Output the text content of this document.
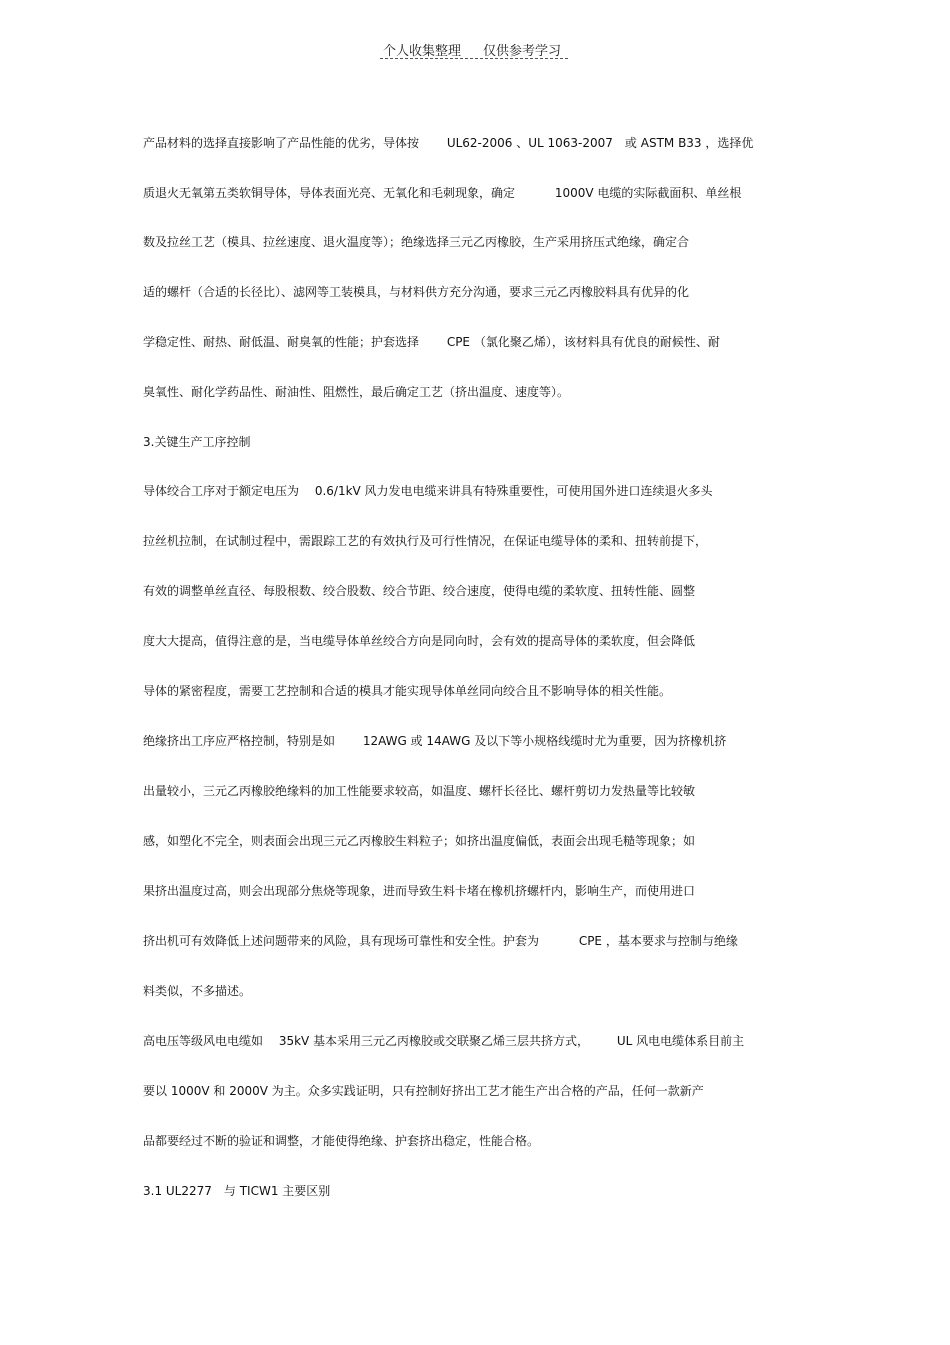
个人收集整理 仅供参考学习
产品材料的选择直接影响了产品性能的优劣，导体按 　　UL62-2006 、UL 1063-2007　或 ASTM B33 ，选择优
质退火无氧第五类软铜导体，导体表面光亮、无氧化和毛刺现象，确定 　　　1000V 电缆的实际截面积、单丝根
数及拉丝工艺（模具、拉丝速度、退火温度等）；绝缘选择三元乙丙橡胶，生产采用挤压式绝缘，确定合
适的螺杆（合适的长径比）、滤网等工装模具，与材料供方充分沟通，要求三元乙丙橡胶料具有优异的化
学稳定性、耐热、耐低温、耐臭氧的性能；护套选择 　　CPE （氯化聚乙烯），该材料具有优良的耐候性、耐
臭氧性、耐化学药品性、耐油性、阻燃性，最后确定工艺（挤出温度、速度等）。
3.关键生产工序控制
导体绞合工序对于额定电压为 　0.6/1kV 风力发电电缆来讲具有特殊重要性，可使用国外进口连续退火多头
拉丝机拉制，在试制过程中，需跟踪工艺的有效执行及可行性情况，在保证电缆导体的柔和、扭转前提下，
有效的调整单丝直径、每股根数、绞合股数、绞合节距、绞合速度，使得电缆的柔软度、扭转性能、圆整
度大大提高，值得注意的是，当电缆导体单丝绞合方向是同向时，会有效的提高导体的柔软度，但会降低
导体的紧密程度，需要工艺控制和合适的模具才能实现导体单丝同向绞合且不影响导体的相关性能。
绝缘挤出工序应严格控制，特别是如 　　12AWG 或 14AWG 及以下等小规格线缆时尤为重要，因为挤橡机挤
出量较小，三元乙丙橡胶绝缘料的加工性能要求较高，如温度、螺杆长径比、螺杆剪切力发热量等比较敏
感，如塑化不完全，则表面会出现三元乙丙橡胶生料粒子；如挤出温度偏低，表面会出现毛糙等现象；如
果挤出温度过高，则会出现部分焦烧等现象，进而导致生料卡堵在橡机挤螺杆内，影响生产，而使用进口
挤出机可有效降低上述问题带来的风险，具有现场可靠性和安全性。护套为 　　　CPE ，基本要求与控制与绝缘
料类似，不多描述。
高电压等级风电电缆如 　35kV 基本采用三元乙丙橡胶或交联聚乙烯三层共挤方式， 　　UL 风电电缆体系目前主
要以 1000V 和 2000V 为主。众多实践证明，只有控制好挤出工艺才能生产出合格的产品，任何一款新产
品都要经过不断的验证和调整，才能使得绝缘、护套挤出稳定，性能合格。
3.1 UL2277　与 TICW1 主要区别
